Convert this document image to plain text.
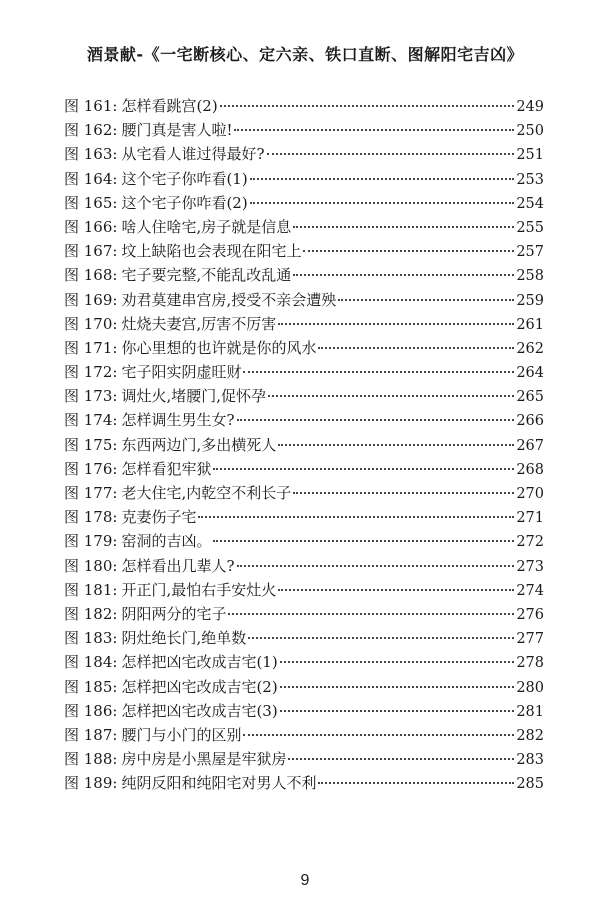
酒景献-《一宅断核心、定六亲、铁口直断、图解阳宅吉凶》
图 161: 怎样看跳宫(2)	249
图 162: 腰门真是害人啦!	250
图 163: 从宅看人谁过得最好?	251
图 164: 这个宅子你咋看(1)	253
图 165: 这个宅子你咋看(2)	254
图 166: 啥人住啥宅,房子就是信息	255
图 167: 坟上缺陷也会表现在阳宅上	257
图 168: 宅子要完整,不能乱改乱通	258
图 169: 劝君莫建串宫房,授受不亲会遭殃	259
图 170: 灶烧夫妻宫,厉害不厉害	261
图 171: 你心里想的也许就是你的风水	262
图 172: 宅子阳实阴虚旺财	264
图 173: 调灶火,堵腰门,促怀孕	265
图 174: 怎样调生男生女?	266
图 175: 东西两边门,多出横死人	267
图 176: 怎样看犯牢狱	268
图 177: 老大住宅,内乾空不利长子	270
图 178: 克妻伤子宅	271
图 179: 窑洞的吉凶。	272
图 180: 怎样看出几辈人?	273
图 181: 开正门,最怕右手安灶火	274
图 182: 阴阳两分的宅子	276
图 183: 阴灶绝长门,绝单数	277
图 184: 怎样把凶宅改成吉宅(1)	278
图 185: 怎样把凶宅改成吉宅(2)	280
图 186: 怎样把凶宅改成吉宅(3)	281
图 187: 腰门与小门的区别	282
图 188: 房中房是小黑屋是牢狱房	283
图 189: 纯阴反阳和纯阳宅对男人不利	285
9
